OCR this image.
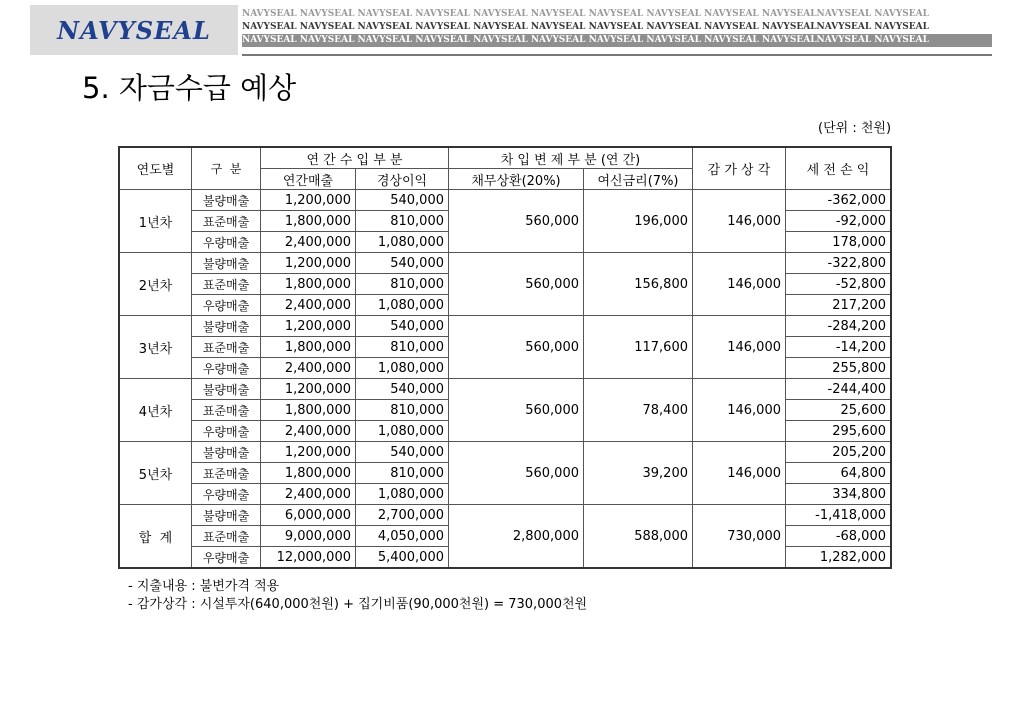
NAVYSEAL
NAVYSEAL NAVYSEAL NAVYSEAL NAVYSEAL NAVYSEAL NAVYSEAL NAVYSEAL NAVYSEAL NAVYSEAL NAVYSEALNAVYSEAL NAVYSEAL
NAVYSEAL NAVYSEAL NAVYSEAL NAVYSEAL NAVYSEAL NAVYSEAL NAVYSEAL NAVYSEAL NAVYSEAL NAVYSEALNAVYSEAL NAVYSEAL
NAVYSEAL NAVYSEAL NAVYSEAL NAVYSEAL NAVYSEAL NAVYSEAL NAVYSEAL NAVYSEAL NAVYSEAL NAVYSEALNAVYSEAL NAVYSEAL
5. 자금수급 예상
(단위 : 천원)
연도별	구  분	연 간 수 입 부 분		차 입 변 제 부 분 (연 간)		감 가 상 각	세 전 손 익
		연간매출	경상이익	채무상환(20%)	여신금리(7%)		
1년차	불량매출	1,200,000	540,000	560,000	196,000	146,000	-362,000
	표준매출	1,800,000	810,000				-92,000
	우량매출	2,400,000	1,080,000				178,000
2년차	불량매출	1,200,000	540,000	560,000	156,800	146,000	-322,800
	표준매출	1,800,000	810,000				-52,800
	우량매출	2,400,000	1,080,000				217,200
3년차	불량매출	1,200,000	540,000	560,000	117,600	146,000	-284,200
	표준매출	1,800,000	810,000				-14,200
	우량매출	2,400,000	1,080,000				255,800
4년차	불량매출	1,200,000	540,000	560,000	78,400	146,000	-244,400
	표준매출	1,800,000	810,000				25,600
	우량매출	2,400,000	1,080,000				295,600
5년차	불량매출	1,200,000	540,000	560,000	39,200	146,000	205,200
	표준매출	1,800,000	810,000				64,800
	우량매출	2,400,000	1,080,000				334,800
합  계	불량매출	6,000,000	2,700,000	2,800,000	588,000	730,000	-1,418,000
	표준매출	9,000,000	4,050,000				-68,000
	우량매출	12,000,000	5,400,000				1,282,000
- 지출내용 : 불변가격 적용
- 감가상각 : 시설투자(640,000천원) + 집기비품(90,000천원) = 730,000천원
